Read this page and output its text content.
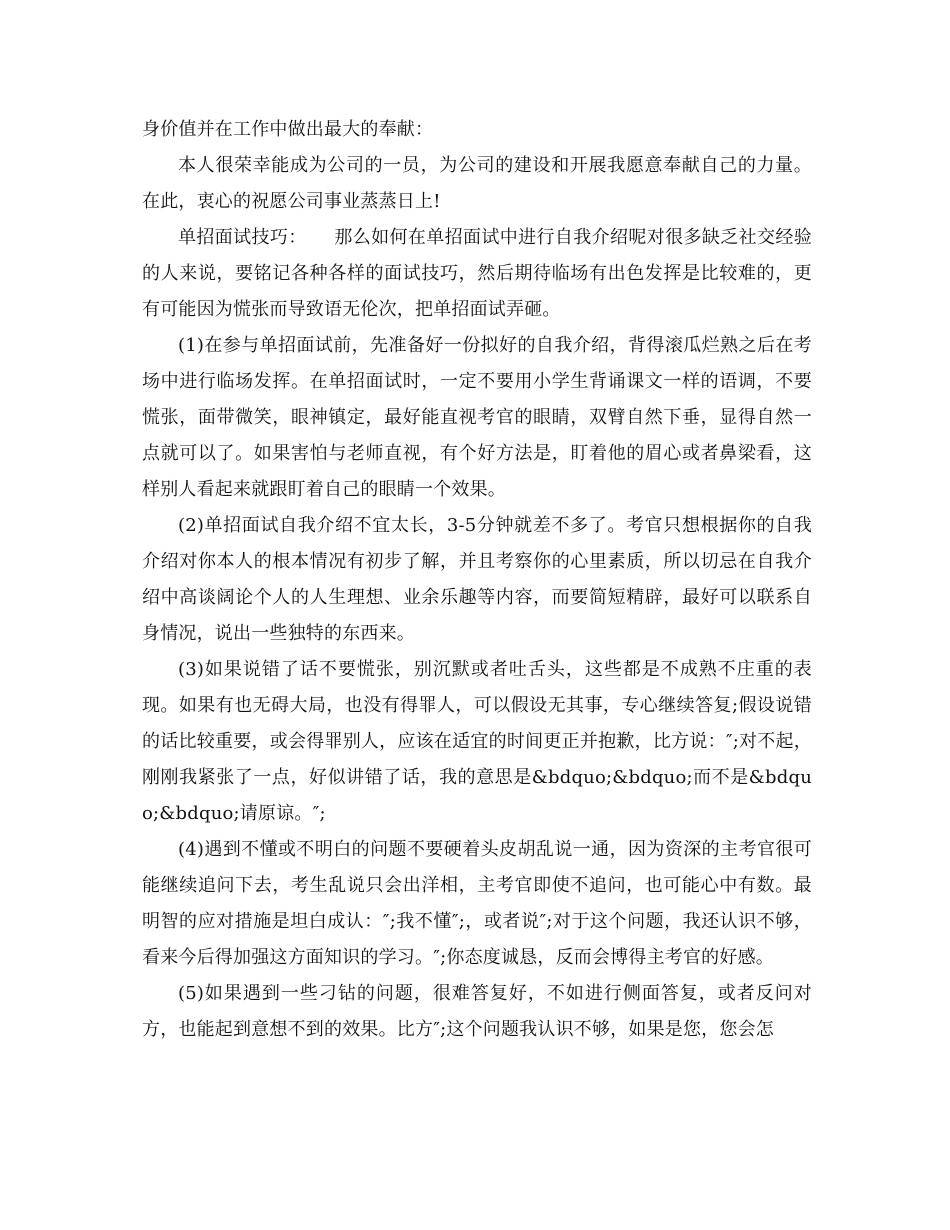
身价值并在工作中做出最大的奉献：

本人很荣幸能成为公司的一员，为公司的建设和开展我愿意奉献自己的力量。在此，衷心的祝愿公司事业蒸蒸日上!

单招面试技巧：　　那么如何在单招面试中进行自我介绍呢对很多缺乏社交经验的人来说，要铭记各种各样的面试技巧，然后期待临场有出色发挥是比较难的，更有可能因为慌张而导致语无伦次，把单招面试弄砸。

(1)在参与单招面试前，先准备好一份拟好的自我介绍，背得滚瓜烂熟之后在考场中进行临场发挥。在单招面试时，一定不要用小学生背诵课文一样的语调，不要慌张，面带微笑，眼神镇定，最好能直视考官的眼睛，双臂自然下垂，显得自然一点就可以了。如果害怕与老师直视，有个好方法是，盯着他的眉心或者鼻梁看，这样别人看起来就跟盯着自己的眼睛一个效果。

(2)单招面试自我介绍不宜太长，3-5分钟就差不多了。考官只想根据你的自我介绍对你本人的根本情况有初步了解，并且考察你的心里素质，所以切忌在自我介绍中高谈阔论个人的人生理想、业余乐趣等内容，而要简短精辟，最好可以联系自身情况，说出一些独特的东西来。

(3)如果说错了话不要慌张，别沉默或者吐舌头，这些都是不成熟不庄重的表现。如果有也无碍大局，也没有得罪人，可以假设无其事，专心继续答复;假设说错的话比较重要，或会得罪别人，应该在适宜的时间更正并抱歉，比方说：″;对不起，刚刚我紧张了一点，好似讲错了话，我的意思是&bdquo;&bdquo;而不是&bdquo;&bdquo;请原谅。″;

(4)遇到不懂或不明白的问题不要硬着头皮胡乱说一通，因为资深的主考官很可能继续追问下去，考生乱说只会出洋相，主考官即使不追问，也可能心中有数。最明智的应对措施是坦白成认：″;我不懂″;，或者说″;对于这个问题，我还认识不够，看来今后得加强这方面知识的学习。″;你态度诚恳，反而会博得主考官的好感。

(5)如果遇到一些刁钻的问题，很难答复好，不如进行侧面答复，或者反问对方，也能起到意想不到的效果。比方″;这个问题我认识不够，如果是您，您会怎
